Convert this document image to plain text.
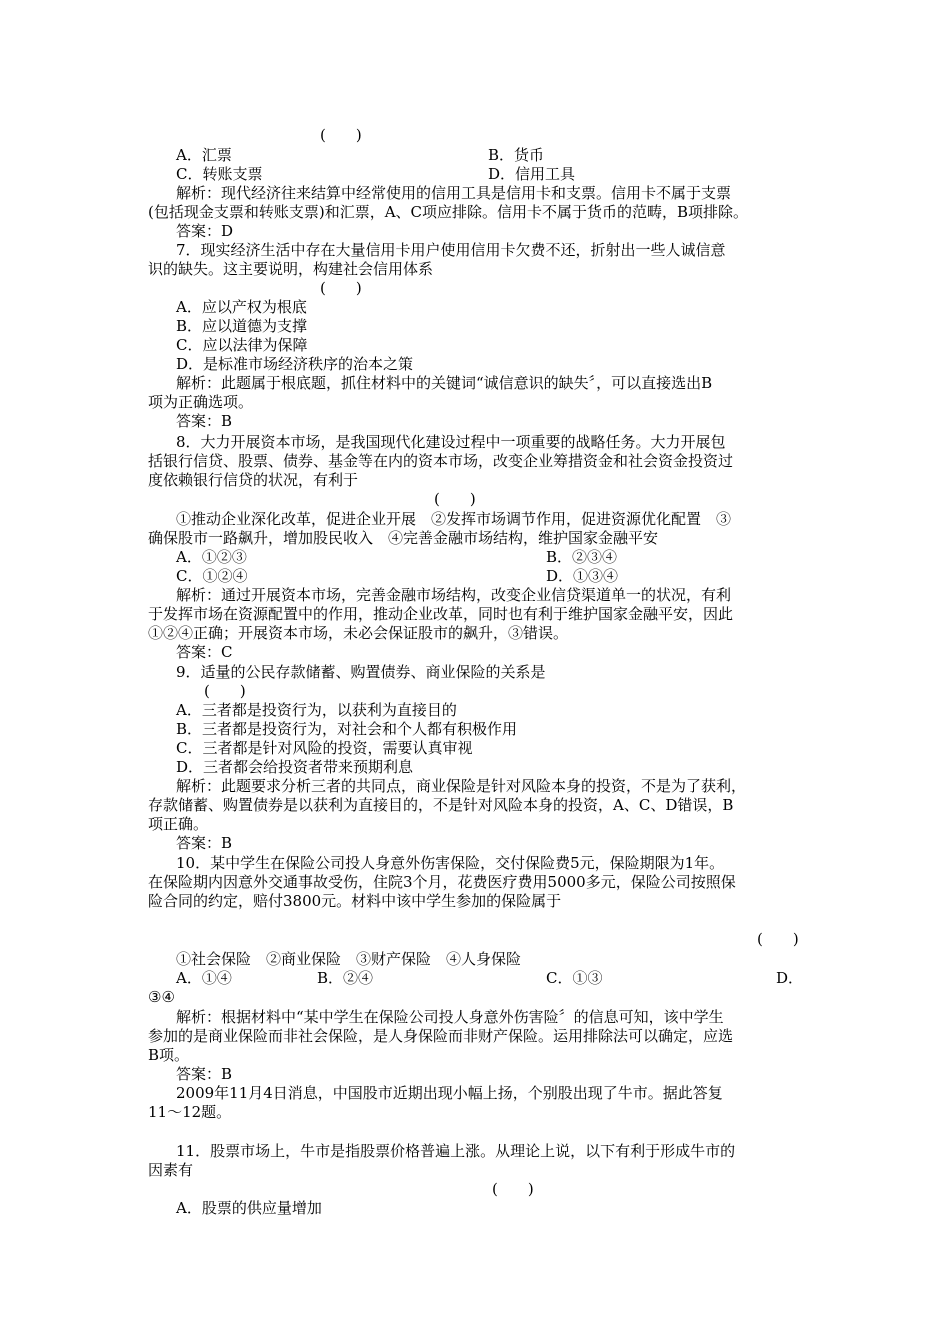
(　　)
A．汇票	B．货币
C．转账支票	D．信用工具
解析：现代经济往来结算中经常使用的信用工具是信用卡和支票。信用卡不属于支票
(包括现金支票和转账支票)和汇票，A、C项应排除。信用卡不属于货币的范畴，B项排除。
答案：D
7．现实经济生活中存在大量信用卡用户使用信用卡欠费不还，折射出一些人诚信意
识的缺失。这主要说明，构建社会信用体系
(　　)
A．应以产权为根底
B．应以道德为支撑
C．应以法律为保障
D．是标准市场经济秩序的治本之策
解析：此题属于根底题，抓住材料中的关键词“诚信意识的缺失〞，可以直接选出B
项为正确选项。
答案：B
8．大力开展资本市场，是我国现代化建设过程中一项重要的战略任务。大力开展包
括银行信贷、股票、债券、基金等在内的资本市场，改变企业筹措资金和社会资金投资过
度依赖银行信贷的状况，有利于
(　　)
①推动企业深化改革，促进企业开展　②发挥市场调节作用，促进资源优化配置　③
确保股市一路飙升，增加股民收入　④完善金融市场结构，维护国家金融平安
A．①②③	B．②③④
C．①②④	D．①③④
解析：通过开展资本市场，完善金融市场结构，改变企业信贷渠道单一的状况，有利
于发挥市场在资源配置中的作用，推动企业改革，同时也有利于维护国家金融平安，因此
①②④正确；开展资本市场，未必会保证股市的飙升，③错误。
答案：C
9．适量的公民存款储蓄、购置债券、商业保险的关系是
(　　)
A．三者都是投资行为，以获利为直接目的
B．三者都是投资行为，对社会和个人都有积极作用
C．三者都是针对风险的投资，需要认真审视
D．三者都会给投资者带来预期利息
解析：此题要求分析三者的共同点，商业保险是针对风险本身的投资，不是为了获利，
存款储蓄、购置债券是以获利为直接目的，不是针对风险本身的投资，A、C、D错误，B
项正确。
答案：B
10．某中学生在保险公司投人身意外伤害保险，交付保险费5元，保险期限为1年。
在保险期内因意外交通事故受伤，住院3个月，花费医疗费用5000多元，保险公司按照保
险合同的约定，赔付3800元。材料中该中学生参加的保险属于
(　　)
①社会保险　②商业保险　③财产保险　④人身保险
A．①④	B．②④	C．①③	D．
③④
解析：根据材料中“某中学生在保险公司投人身意外伤害险〞的信息可知，该中学生
参加的是商业保险而非社会保险，是人身保险而非财产保险。运用排除法可以确定，应选
B项。
答案：B
2009年11月4日消息，中国股市近期出现小幅上扬，个别股出现了牛市。据此答复
11～12题。
11．股票市场上，牛市是指股票价格普遍上涨。从理论上说，以下有利于形成牛市的
因素有
(　　)
A．股票的供应量增加
